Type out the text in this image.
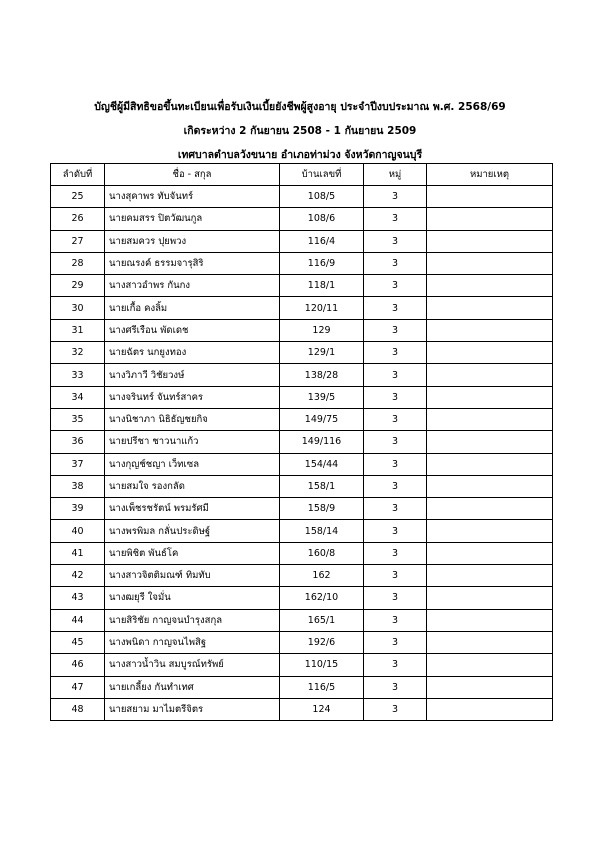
บัญชีผู้มีสิทธิขอขึ้นทะเบียนเพื่อรับเงินเบี้ยยังชีพผู้สูงอายุ ประจำปีงบประมาณ พ.ศ. 2568/69
เกิดระหว่าง 2 กันยายน 2508 - 1 กันยายน 2509
เทศบาลตำบลวังขนาย อำเภอท่าม่วง จังหวัดกาญจนบุรี
ลำดับที่	ชื่อ - สกุล	บ้านเลขที่	หมู่	หมายเหตุ
25	นางสุคาพร ทับจันทร์	108/5	3	
26	นายคมสรร ปิตวัฒนกูล	108/6	3	
27	นายสมควร ปุยพวง	116/4	3	
28	นายณรงค์ ธรรมจารุสิริ	116/9	3	
29	นางสาวอำพร กันกง	118/1	3	
30	นายเกื้อ คงลิ้ม	120/11	3	
31	นางศรีเรือน พัดเดช	129	3	
32	นายฉัตร นกยูงทอง	129/1	3	
33	นางวิภาวี วิชัยวงษ์	138/28	3	
34	นางจรินทร์ จันทร์สาคร	139/5	3	
35	นางนิชาภา นิธิธัญชยกิจ	149/75	3	
36	นายปรีชา ชาวนาแก้ว	149/116	3	
37	นางกุญช์ชญา เว็ทเซล	154/44	3	
38	นายสมใจ รองกลัด	158/1	3	
39	นางเพ็ชรชรัตน์ พรมรัศมี	158/9	3	
40	นางพรพิมล กลั่นประดิษฐ์	158/14	3	
41	นายพิชิต พันธ์โค	160/8	3	
42	นางสาวจิตติมณฑ์ ทิมทับ	162	3	
43	นางฒยุรี ใจมั่น	162/10	3	
44	นายสิริชัย กาญจนบำรุงสกุล	165/1	3	
45	นางพนิดา กาญจนไพสิฐ	192/6	3	
46	นางสาวน้ำวิน สมบูรณ์ทรัพย์	110/15	3	
47	นายเกลี้ยง กันทำเทศ	116/5	3	
48	นายสยาม มาไมตรีจิตร	124	3	
